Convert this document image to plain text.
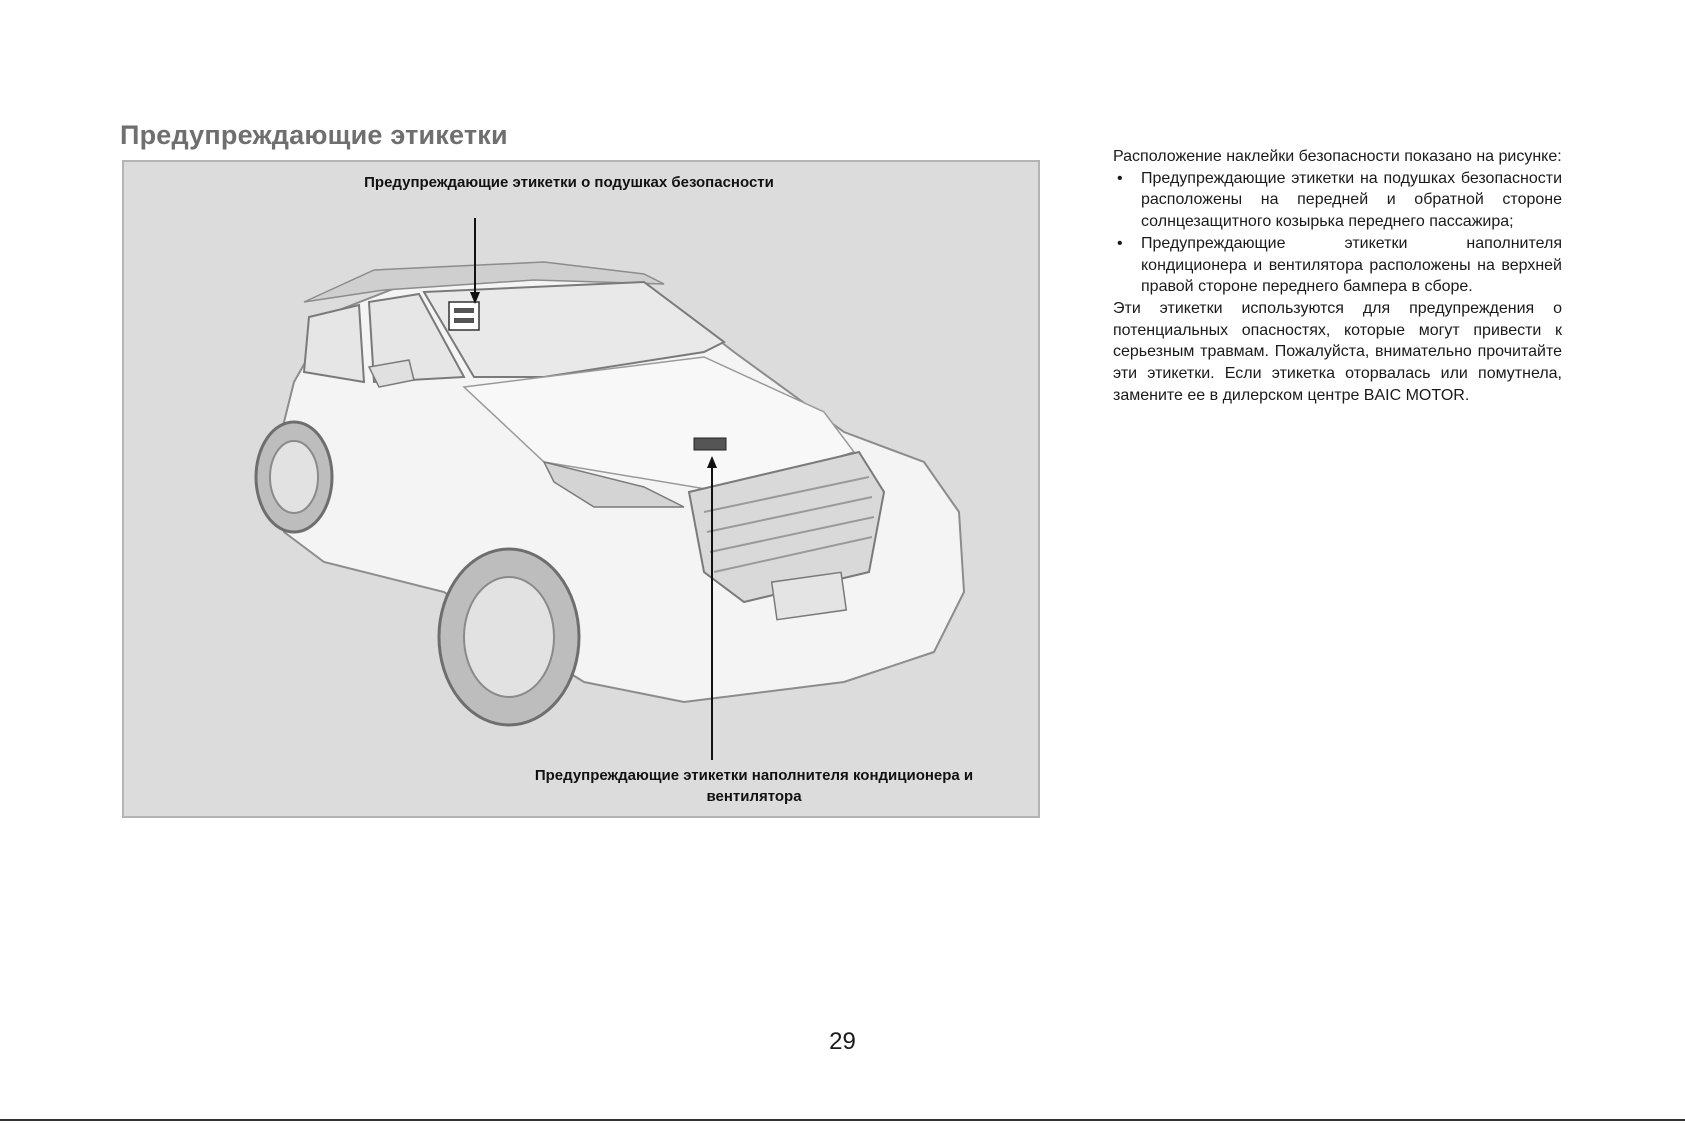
Предупреждающие этикетки
Предупреждающие этикетки о подушках безопасности
Предупреждающие этикетки наполнителя кондиционера и вентилятора

Расположение наклейки безопасности показано на рисунке:

• Предупреждающие этикетки на подушках безопасности расположены на передней и обратной стороне солнцезащитного козырька переднего пассажира;
• Предупреждающие этикетки наполнителя кондиционера и вентилятора расположены на верхней правой стороне переднего бампера в сборе.

Эти этикетки используются для предупреждения о потенциальных опасностях, которые могут привести к серьезным травмам. Пожалуйста, внимательно прочитайте эти этикетки. Если этикетка оторвалась или помутнела, замените ее в дилерском центре BAIC MOTOR.

29
